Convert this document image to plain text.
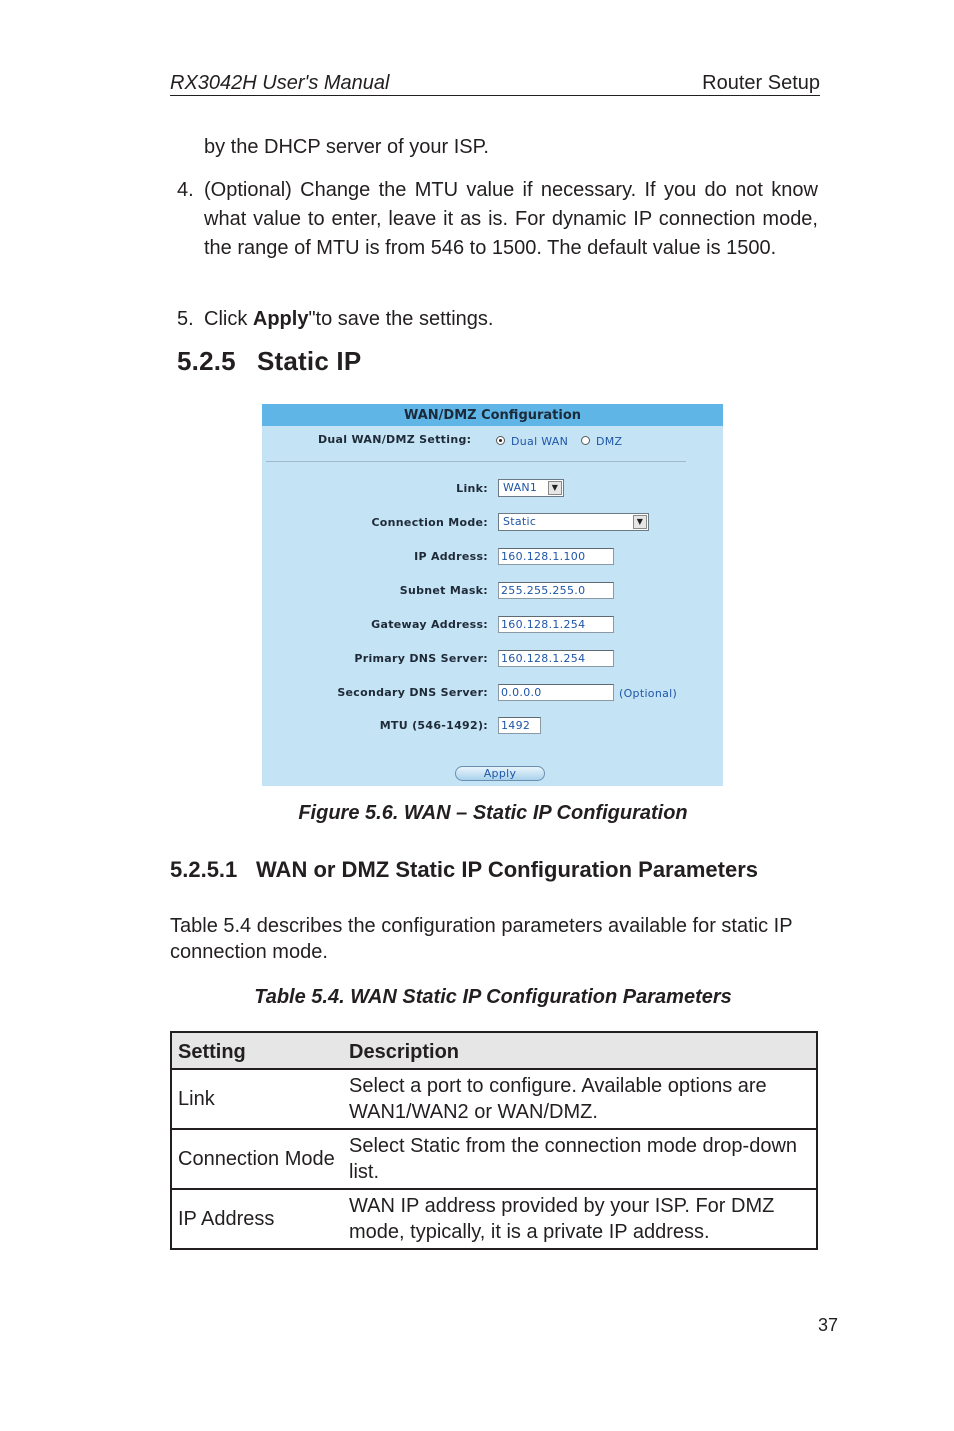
RX3042H User's Manual	Router Setup
by the DHCP server of your ISP.
4. (Optional) Change the MTU value if necessary. If you do not know what value to enter, leave it as is. For dynamic IP connection mode, the range of MTU is from 546 to 1500. The default value is 1500.
5. Click Apply"to save the settings.
5.2.5 Static IP
WAN/DMZ Configuration
Dual WAN/DMZ Setting:	Dual WAN	DMZ
Link:	WAN1	▼
Connection Mode:	Static	▼
IP Address: 160.128.1.100
Subnet Mask: 255.255.255.0
Gateway Address: 160.128.1.254
Primary DNS Server: 160.128.1.254
Secondary DNS Server: 0.0.0.0	(Optional)
MTU (546-1492): 1492
Apply
Figure 5.6. WAN – Static IP Configuration
5.2.5.1 WAN or DMZ Static IP Configuration Parameters
Table 5.4 describes the configuration parameters available for static IP connection mode.
Table 5.4. WAN Static IP Configuration Parameters
Setting	Description
Link	Select a port to configure. Available options are WAN1/WAN2 or WAN/DMZ.
Connection Mode	Select Static from the connection mode drop-down list.
IP Address	WAN IP address provided by your ISP. For DMZ mode, typically, it is a private IP address.
37
